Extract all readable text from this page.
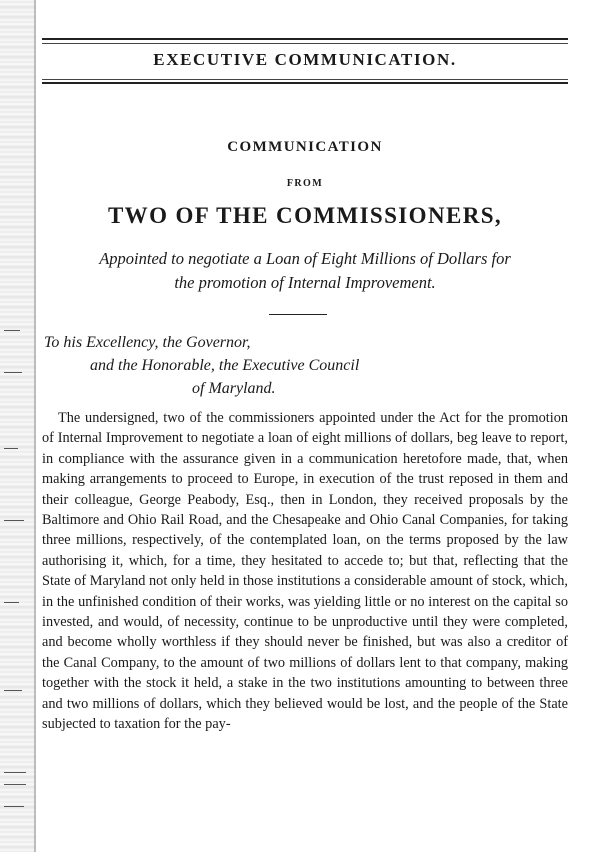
EXECUTIVE COMMUNICATION.
COMMUNICATION
FROM
TWO OF THE COMMISSIONERS,
Appointed to negotiate a Loan of Eight Millions of Dollars for
the promotion of Internal Improvement.
To his Excellency, the Governor,
and the Honorable, the Executive Council
of Maryland.

The undersigned, two of the commissioners appointed under the Act for the promotion of Internal Improvement to negotiate a loan of eight millions of dollars, beg leave to report, in compliance with the assurance given in a communication heretofore made, that, when making arrangements to proceed to Europe, in execution of the trust reposed in them and their colleague, George Peabody, Esq., then in London, they received proposals by the Baltimore and Ohio Rail Road, and the Chesapeake and Ohio Canal Companies, for taking three millions, respectively, of the contemplated loan, on the terms proposed by the law authorising it, which, for a time, they hesitated to accede to; but that, reflecting that the State of Maryland not only held in those institutions a considerable amount of stock, which, in the unfinished condition of their works, was yielding little or no interest on the capital so invested, and would, of necessity, continue to be unproductive until they were completed, and become wholly worthless if they should never be finished, but was also a creditor of the Canal Company, to the amount of two millions of dollars lent to that company, making together with the stock it held, a stake in the two institutions amounting to between three and two millions of dollars, which they believed would be lost, and the people of the State subjected to taxation for the pay-
